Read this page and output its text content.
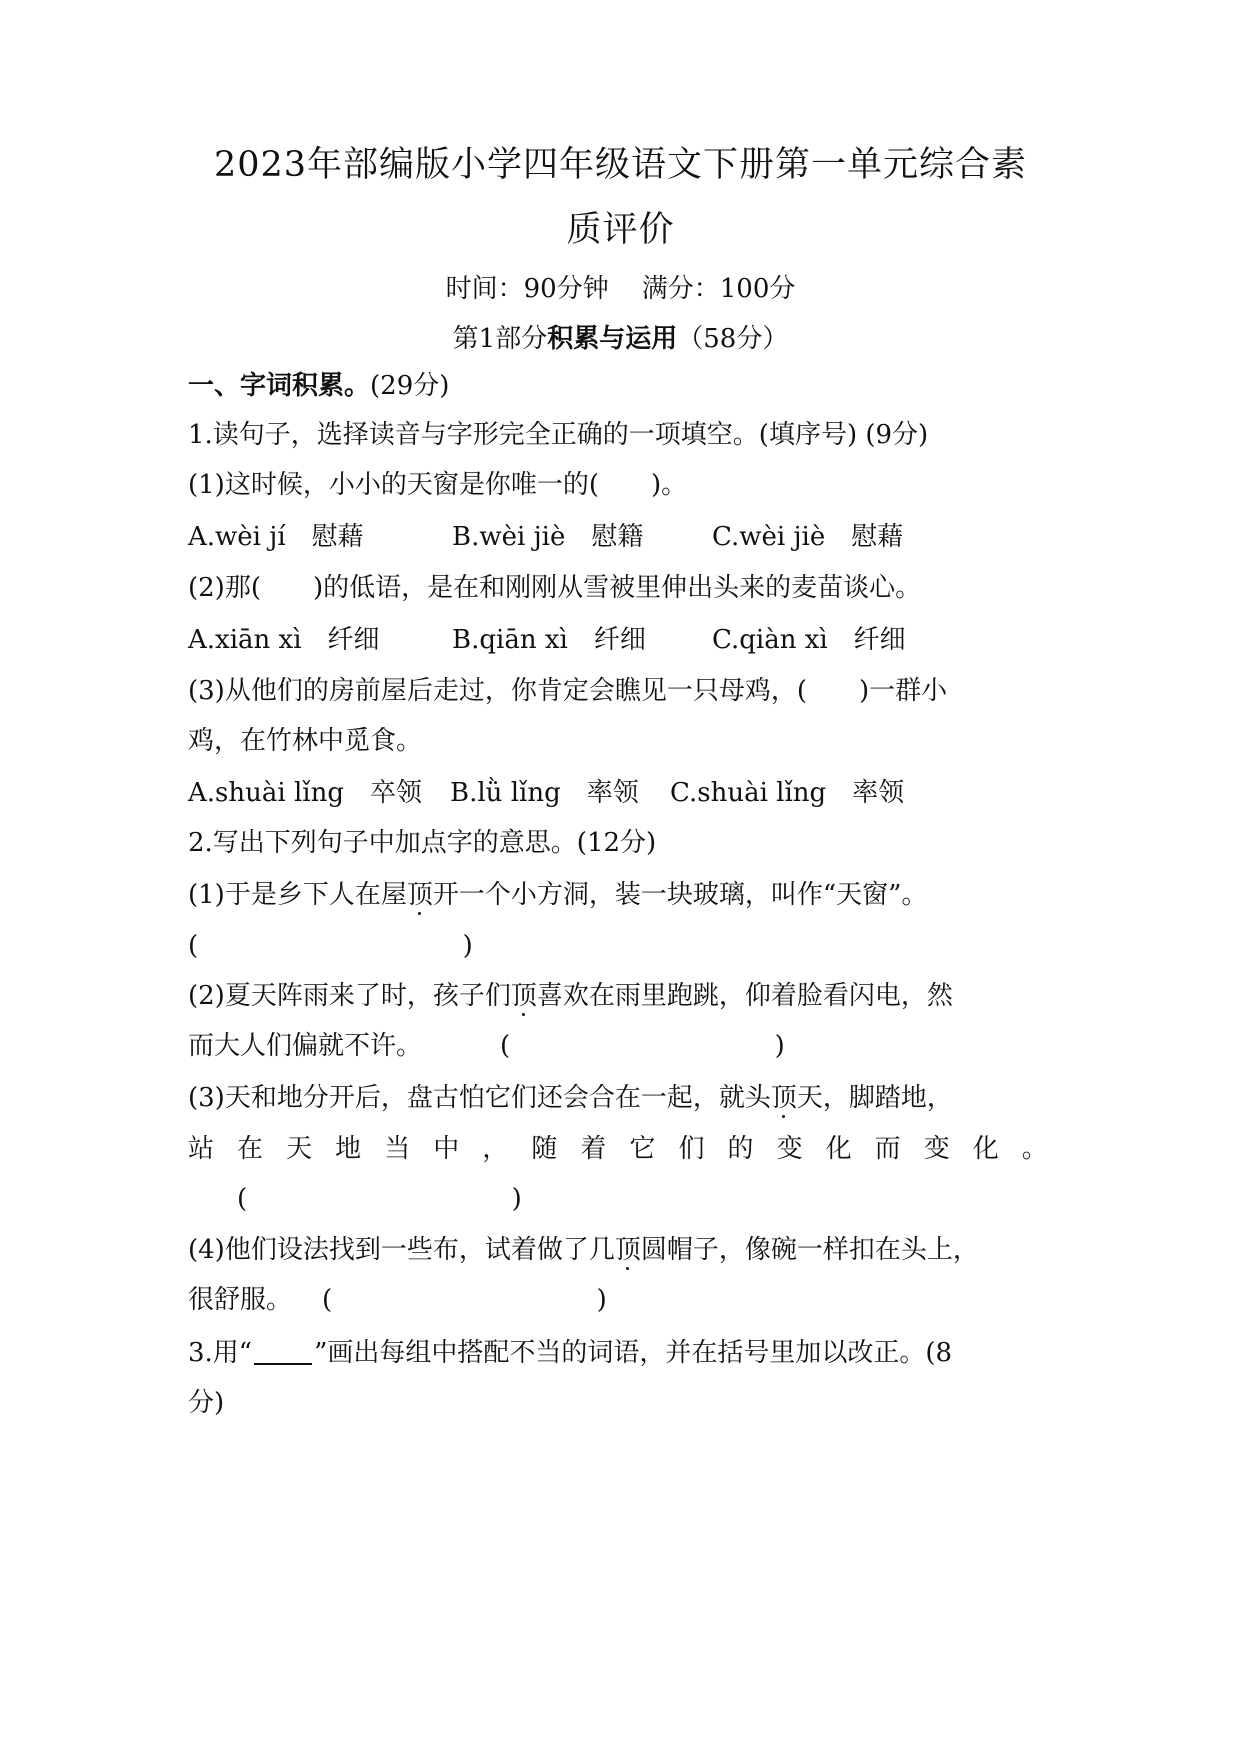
2023年部编版小学四年级语文下册第一单元综合素
质评价
时间：90分钟    满分：100分
第1部分积累与运用（58分）
一、字词积累。(29分)
1.读句子，选择读音与字形完全正确的一项填空。(填序号) (9分)
(1)这时候，小小的天窗是你唯一的(　　)。
A.wèi jí　慰藉	B.wèi jiè　慰籍	C.wèi jiè　慰藉
(2)那(　　)的低语，是在和刚刚从雪被里伸出头来的麦苗谈心。
A.xiān xì　纤细	B.qiān xì　纤细	C.qiàn xì　纤细
(3)从他们的房前屋后走过，你肯定会瞧见一只母鸡，(　　)一群小
鸡，在竹林中觅食。
A.shuài lǐng　卒领 B.lǜ lǐng　率领 C.shuài lǐng　率领
2.写出下列句子中加点字的意思。(12分)
(1)于是乡下人在屋顶开一个小方洞，装一块玻璃，叫作“天窗”。
(                                )
(2)夏天阵雨来了时，孩子们顶喜欢在雨里跑跳，仰着脸看闪电，然
而大人们偏就不许。	(                                )
(3)天和地分开后，盘古怕它们还会合在一起，就头顶天，脚踏地，
站 在 天 地 当 中 ， 随 着 它 们 的 变 化 而 变 化 。
(                                )
(4)他们设法找到一些布，试着做了几顶圆帽子，像碗一样扣在头上，
很舒服。 (                                )
3.用“ ”画出每组中搭配不当的词语，并在括号里加以改正。(8
分)
